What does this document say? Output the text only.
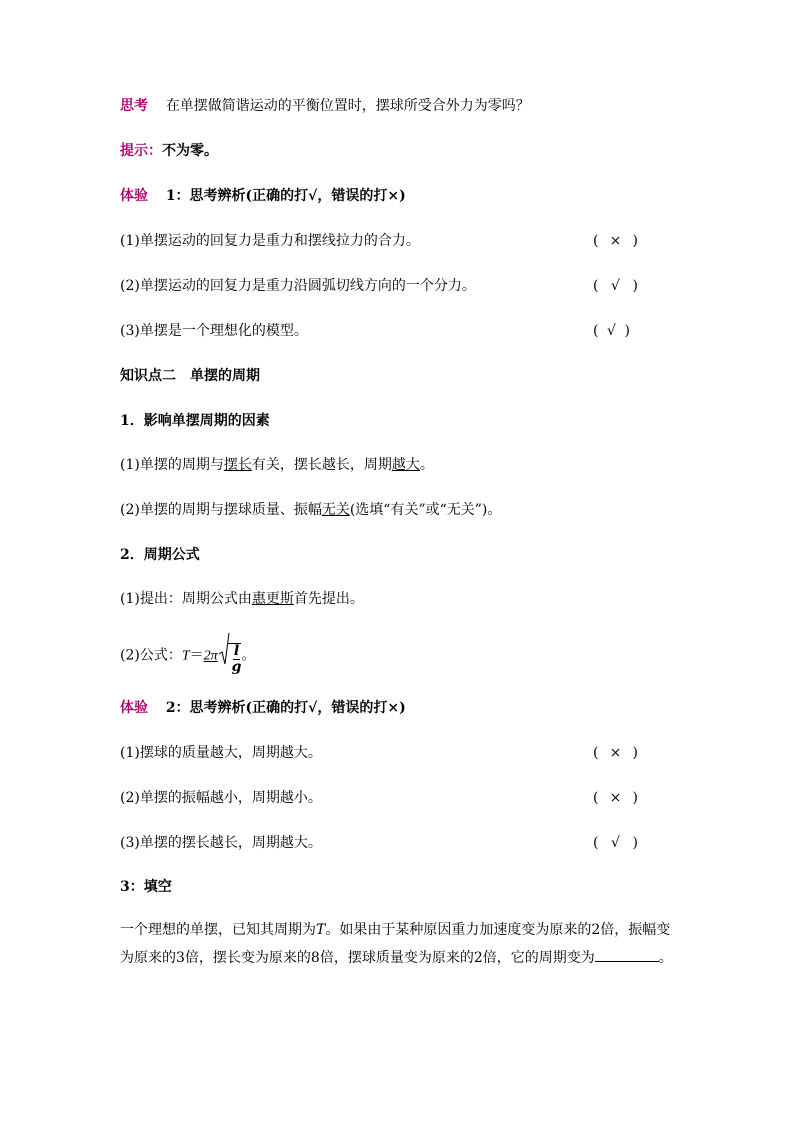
思考 在单摆做简谐运动的平衡位置时，摆球所受合外力为零吗？
提示：不为零。
体验 1：思考辨析(正确的打√，错误的打×)
(1)单摆运动的回复力是重力和摆线拉力的合力。	( × )
(2)单摆运动的回复力是重力沿圆弧切线方向的一个分力。	( √ )
(3)单摆是一个理想化的模型。	( √ )
知识点二　单摆的周期
1．影响单摆周期的因素
(1)单摆的周期与摆长有关，摆长越长，周期越大。
(2)单摆的周期与摆球质量、振幅无关(选填“有关”或“无关”)。
2．周期公式
(1)提出：周期公式由惠更斯首先提出。
(2)公式：$T=2\pi \frac{l}{g}$ 。
体验 2：思考辨析(正确的打√，错误的打×)
(1)摆球的质量越大，周期越大。	( × )
(2)单摆的振幅越小，周期越小。	( × )
(3)单摆的摆长越长，周期越大。	( √ )
3：填空
一个理想的单摆，已知其周期为T。如果由于某种原因重力加速度变为原来的2倍，振幅变为原来的3倍，摆长变为原来的8倍，摆球质量变为原来的2倍，它的周期变为	。
